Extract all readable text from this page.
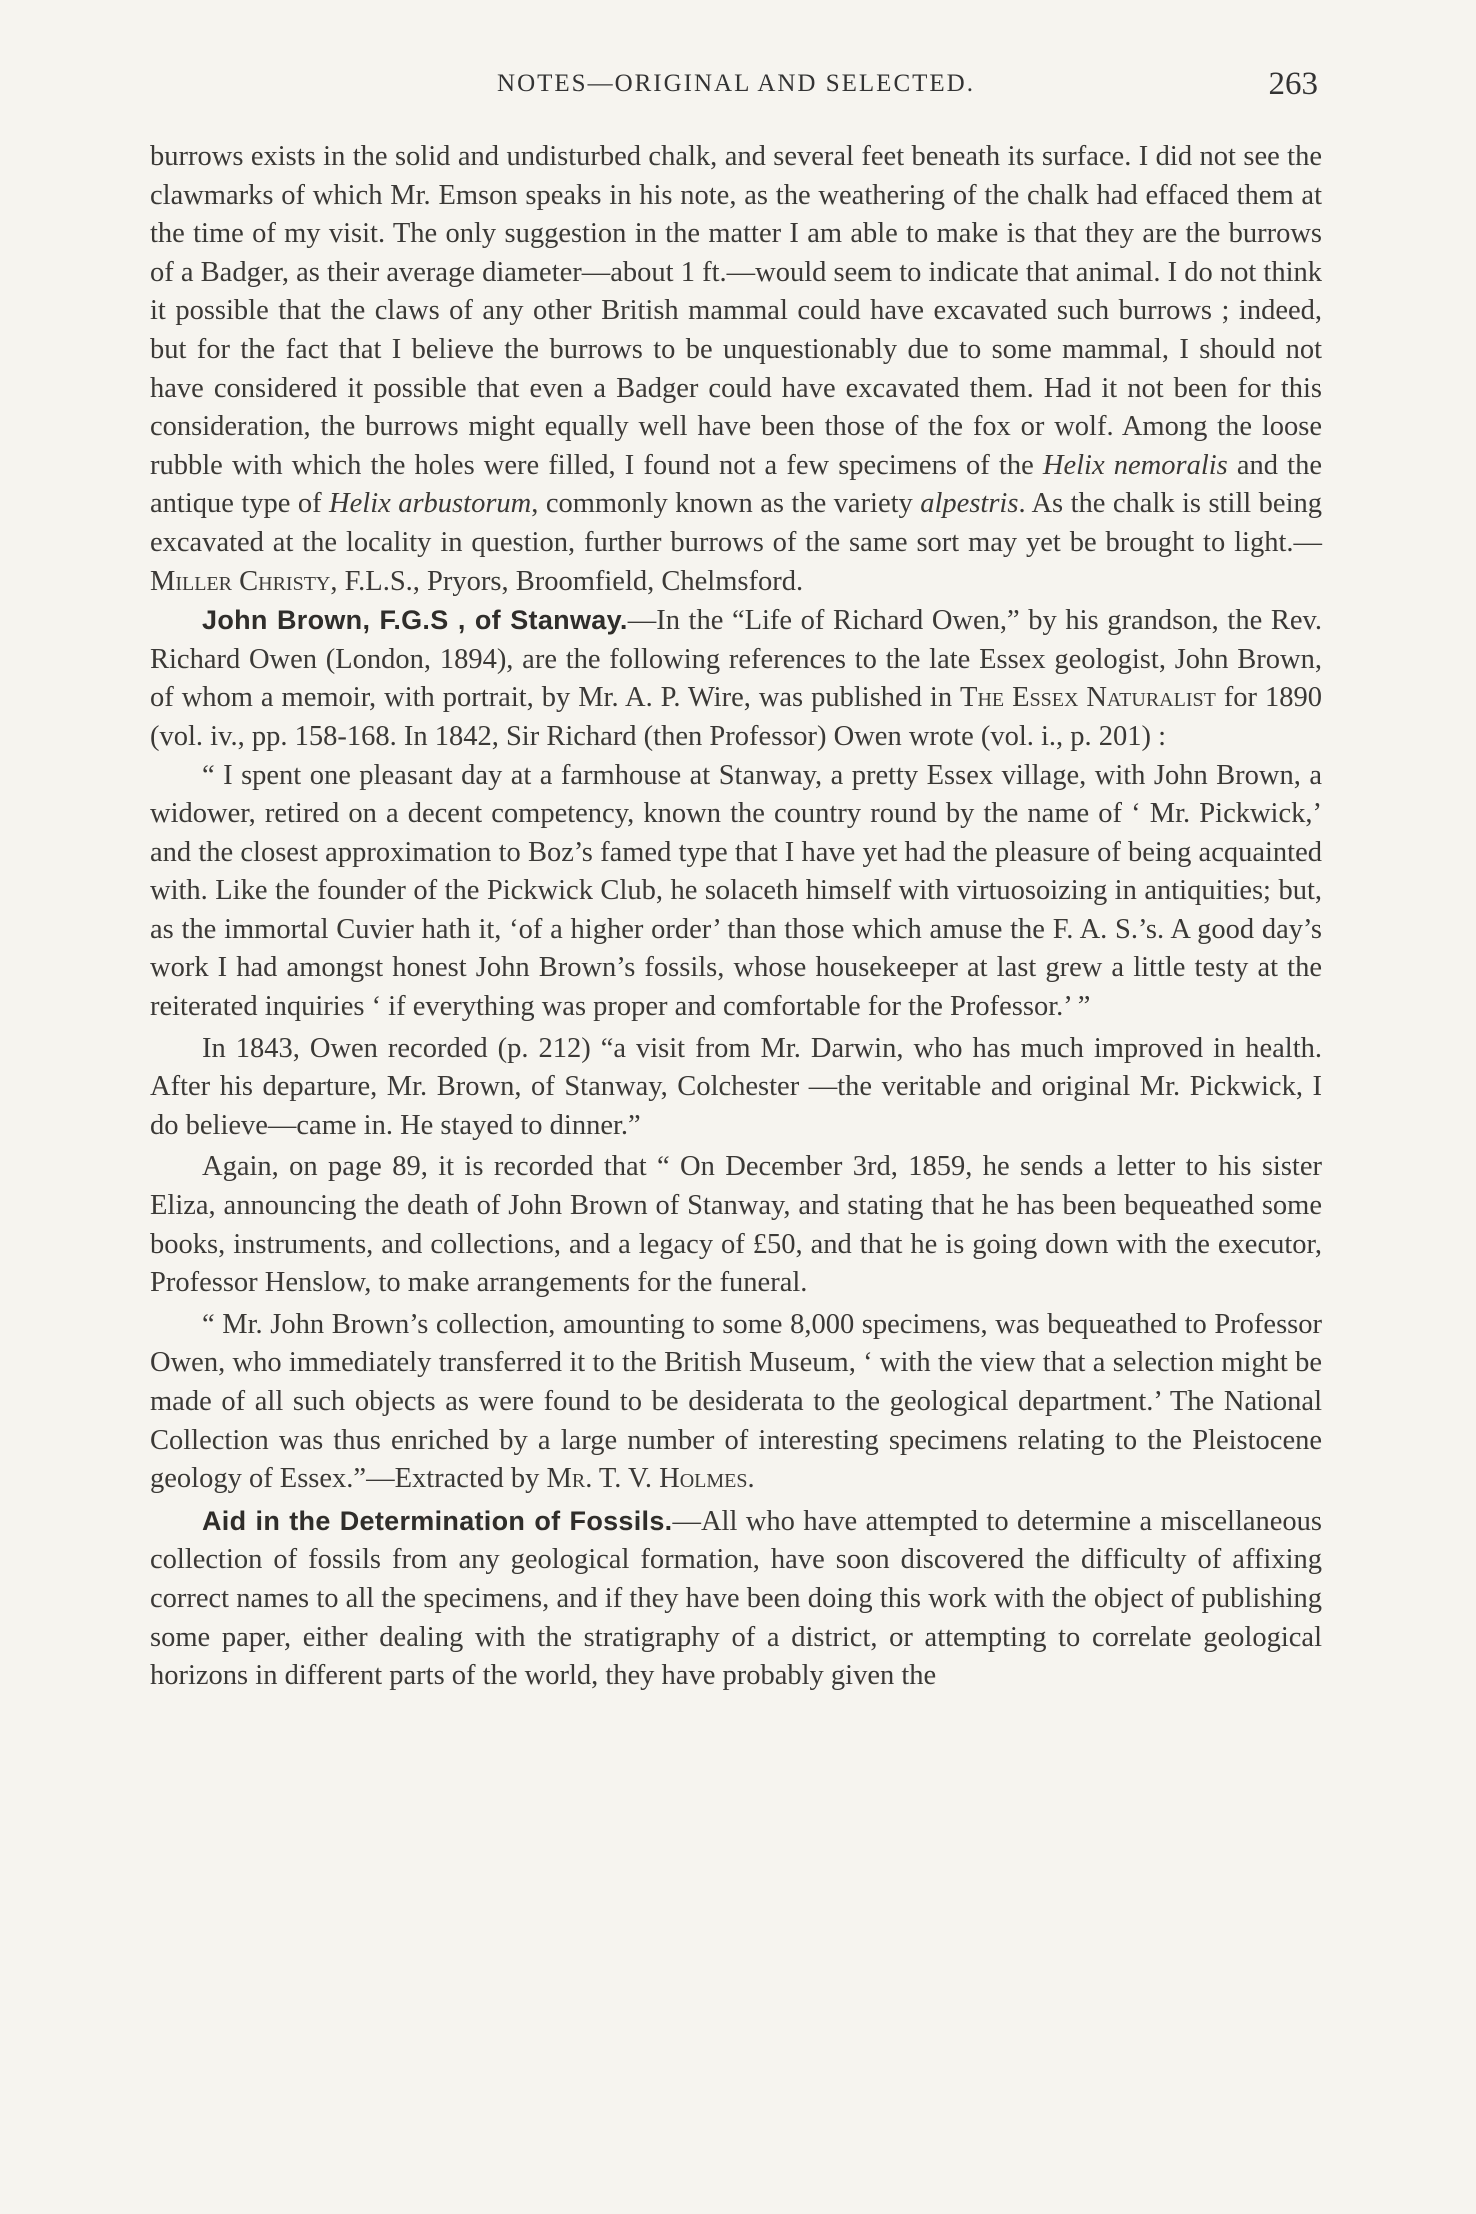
NOTES—ORIGINAL AND SELECTED.	263

burrows exists in the solid and undisturbed chalk, and several feet beneath its surface. I did not see the clawmarks of which Mr. Emson speaks in his note, as the weathering of the chalk had effaced them at the time of my visit. The only suggestion in the matter I am able to make is that they are the burrows of a Badger, as their average diameter—about 1 ft.—would seem to indicate that animal. I do not think it possible that the claws of any other British mammal could have excavated such burrows ; indeed, but for the fact that I believe the burrows to be unquestionably due to some mammal, I should not have considered it possible that even a Badger could have excavated them. Had it not been for this consideration, the burrows might equally well have been those of the fox or wolf. Among the loose rubble with which the holes were filled, I found not a few specimens of the Helix nemoralis and the antique type of Helix arbustorum, commonly known as the variety alpestris. As the chalk is still being excavated at the locality in question, further burrows of the same sort may yet be brought to light.—Miller Christy, F.L.S., Pryors, Broomfield, Chelmsford.

John Brown, F.G.S , of Stanway.—In the “Life of Richard Owen,” by his grandson, the Rev. Richard Owen (London, 1894), are the following references to the late Essex geologist, John Brown, of whom a memoir, with portrait, by Mr. A. P. Wire, was published in The Essex Naturalist for 1890 (vol. iv., pp. 158-168. In 1842, Sir Richard (then Professor) Owen wrote (vol. i., p. 201) :

“ I spent one pleasant day at a farmhouse at Stanway, a pretty Essex village, with John Brown, a widower, retired on a decent competency, known the country round by the name of ‘ Mr. Pickwick,’ and the closest approximation to Boz’s famed type that I have yet had the pleasure of being acquainted with. Like the founder of the Pickwick Club, he solaceth himself with virtuosoizing in antiquities; but, as the immortal Cuvier hath it, ‘of a higher order’ than those which amuse the F. A. S.’s. A good day’s work I had amongst honest John Brown’s fossils, whose housekeeper at last grew a little testy at the reiterated inquiries ‘ if everything was proper and comfortable for the Professor.’ ”

In 1843, Owen recorded (p. 212) “a visit from Mr. Darwin, who has much improved in health. After his departure, Mr. Brown, of Stanway, Colchester —the veritable and original Mr. Pickwick, I do believe—came in. He stayed to dinner.”

Again, on page 89, it is recorded that “ On December 3rd, 1859, he sends a letter to his sister Eliza, announcing the death of John Brown of Stanway, and stating that he has been bequeathed some books, instruments, and collections, and a legacy of £50, and that he is going down with the executor, Professor Henslow, to make arrangements for the funeral.

“ Mr. John Brown’s collection, amounting to some 8,000 specimens, was bequeathed to Professor Owen, who immediately transferred it to the British Museum, ‘ with the view that a selection might be made of all such objects as were found to be desiderata to the geological department.’ The National Collection was thus enriched by a large number of interesting specimens relating to the Pleistocene geology of Essex.”—Extracted by Mr. T. V. Holmes.

Aid in the Determination of Fossils.—All who have attempted to determine a miscellaneous collection of fossils from any geological formation, have soon discovered the difficulty of affixing correct names to all the specimens, and if they have been doing this work with the object of publishing some paper, either dealing with the stratigraphy of a district, or attempting to correlate geological horizons in different parts of the world, they have probably given the
